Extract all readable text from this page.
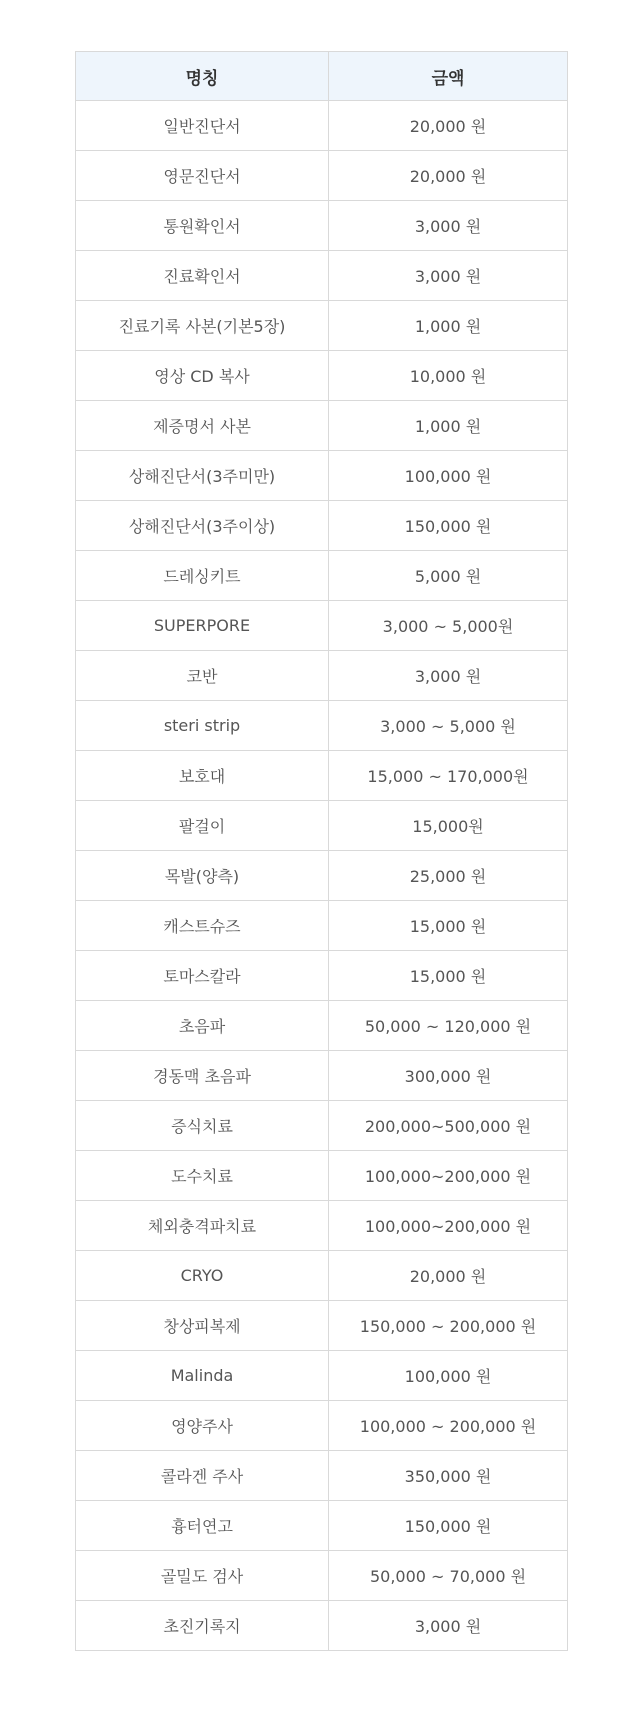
명칭	금액
일반진단서	20,000 원
영문진단서	20,000 원
통원확인서	3,000 원
진료확인서	3,000 원
진료기록 사본(기본5장)	1,000 원
영상 CD 복사	10,000 원
제증명서 사본	1,000 원
상해진단서(3주미만)	100,000 원
상해진단서(3주이상)	150,000 원
드레싱키트	5,000 원
SUPERPORE	3,000 ~ 5,000원
코반	3,000 원
steri strip	3,000 ~ 5,000 원
보호대	15,000 ~ 170,000원
팔걸이	15,000원
목발(양측)	25,000 원
캐스트슈즈	15,000 원
토마스칼라	15,000 원
초음파	50,000 ~ 120,000 원
경동맥 초음파	300,000 원
증식치료	200,000~500,000 원
도수치료	100,000~200,000 원
체외충격파치료	100,000~200,000 원
CRYO	20,000 원
창상피복제	150,000 ~ 200,000 원
Malinda	100,000 원
영양주사	100,000 ~ 200,000 원
콜라겐 주사	350,000 원
흉터연고	150,000 원
골밀도 검사	50,000 ~ 70,000 원
초진기록지	3,000 원
